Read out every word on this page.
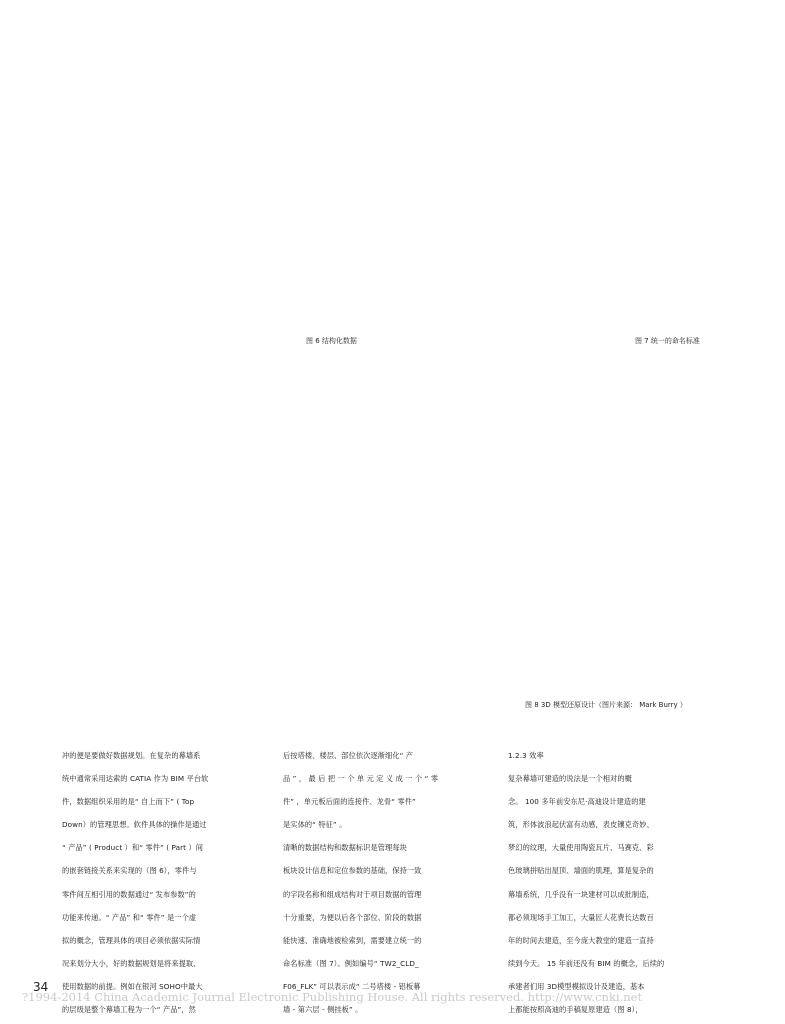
图 6 结构化数据	图 7 统一的命名标准
图 8 3D 模型还原设计（图片来源： Mark Burry ）
冲的便是要做好数据规划。在复杂的幕墙系
统中通常采用达索的 CATIA 作为 BIM 平台软
件，数据组织采用的是“ 自上而下” ( Top
Down）的管理思想。软件具体的操作是通过
“ 产品” ( Product ）和“ 零件” ( Part ）间
的嵌套链接关系来实现的（图 6），零件与
零件间互相引用的数据通过“ 发布参数”的
功能来传递。“ 产品” 和“ 零件” 是一个虚
拟的概念，管理具体的项目必须依据实际情
况来划分大小，好的数据规划是将来提取、
使用数据的前提。例如在银河 SOHO中最大
的层级是整个幕墙工程为一个“ 产品”，然
后按塔楼、楼层、部位依次逐渐细化“ 产
品 ” ， 最 后 把 一 个 单 元 定 义 成 一 个 “ 零
件” ，单元板后面的连接件、龙骨“ 零件”
是实体的“ 特征” 。
清晰的数据结构和数据标识是管理每块
板块设计信息和定位参数的基础，保持一致
的字段名称和组成结构对于项目数据的管理
十分重要，为便以后各个部位、阶段的数据
能快速、准确地被检索到，需要建立统一的
命名标准（图 7）。例如编号“ TW2_CLD_
F06_FLK” 可以表示成“ 二号塔楼 - 铝板幕
墙 - 第六层 - 侧挂板” 。
1.2.3 效率
复杂幕墙可建造的说法是一个相对的概
念。 100 多年前安东尼·高迪设计建造的建
筑，形体波浪起伏富有动感，表皮镶克奇妙、
梦幻的纹理，大量使用陶瓷瓦片、马赛克、彩
色玻璃拼贴出屋顶、墙面的肌理，算是复杂的
幕墙系统，几乎没有一块建材可以成批制造，
都必须现场手工加工，大量匠人花费长达数百
年的时间去建造，至今庞大教堂的建造一直持
续到今天。 15 年前还没有 BIM 的概念，后续的
承建者们用 3D模型模拟设计及建造，基本
上都能按照高迪的手稿复原建造（图 8），
34
?1994-2014 China Academic Journal Electronic Publishing House. All rights reserved. http://www.cnki.net
